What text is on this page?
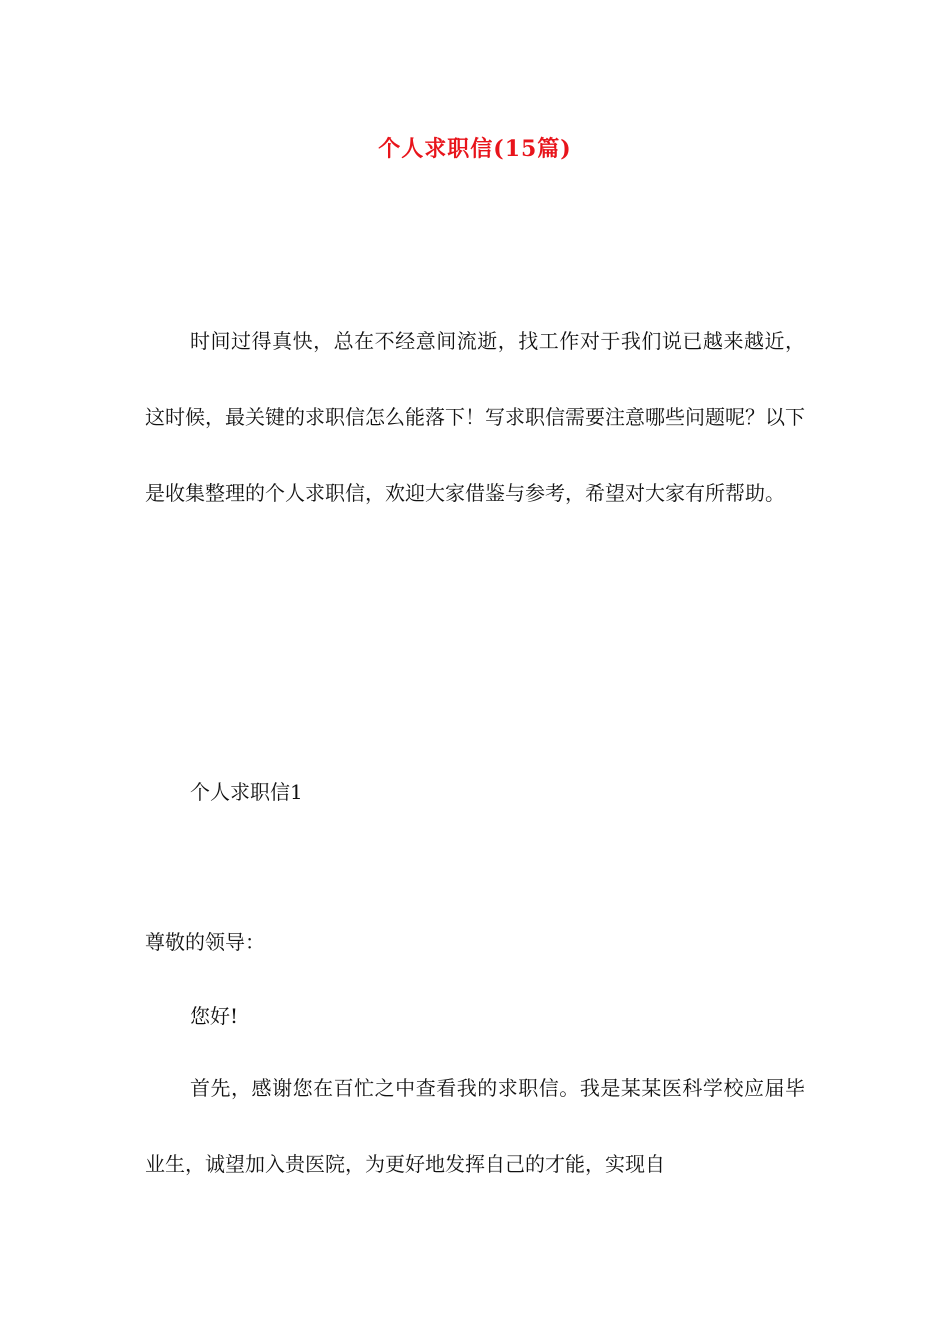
个人求职信(15篇)

时间过得真快，总在不经意间流逝，找工作对于我们说已越来越近，这时候，最关键的求职信怎么能落下！写求职信需要注意哪些问题呢？以下是收集整理的个人求职信，欢迎大家借鉴与参考，希望对大家有所帮助。

个人求职信1

尊敬的领导：

您好!

首先，感谢您在百忙之中查看我的求职信。我是某某医科学校应届毕业生，诚望加入贵医院，为更好地发挥自己的才能，实现自
